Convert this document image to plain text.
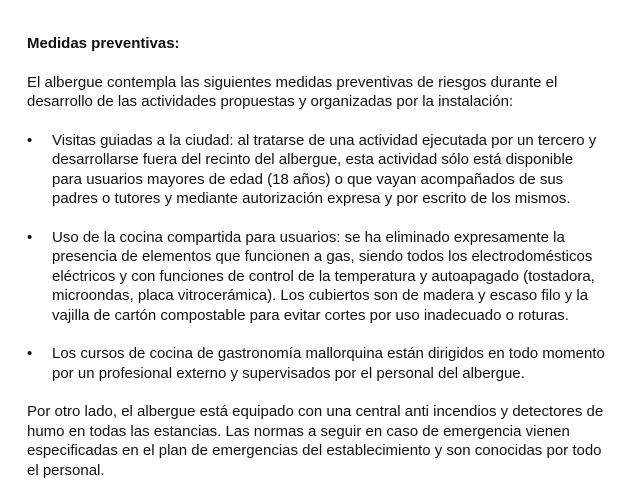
Medidas preventivas:

El albergue contempla las siguientes medidas preventivas de riesgos durante el desarrollo de las actividades propuestas y organizadas por la instalación:

• Visitas guiadas a la ciudad: al tratarse de una actividad ejecutada por un tercero y desarrollarse fuera del recinto del albergue, esta actividad sólo está disponible para usuarios mayores de edad (18 años) o que vayan acompañados de sus padres o tutores y mediante autorización expresa y por escrito de los mismos.
• Uso de la cocina compartida para usuarios: se ha eliminado expresamente la presencia de elementos que funcionen a gas, siendo todos los electrodomésticos eléctricos y con funciones de control de la temperatura y autoapagado (tostadora, microondas, placa vitrocerámica). Los cubiertos son de madera y escaso filo y la vajilla de cartón compostable para evitar cortes por uso inadecuado o roturas.
• Los cursos de cocina de gastronomía mallorquina están dirigidos en todo momento por un profesional externo y supervisados por el personal del albergue.

Por otro lado, el albergue está equipado con una central anti incendios y detectores de humo en todas las estancias. Las normas a seguir en caso de emergencia vienen especificadas en el plan de emergencias del establecimiento y son conocidas por todo el personal.
